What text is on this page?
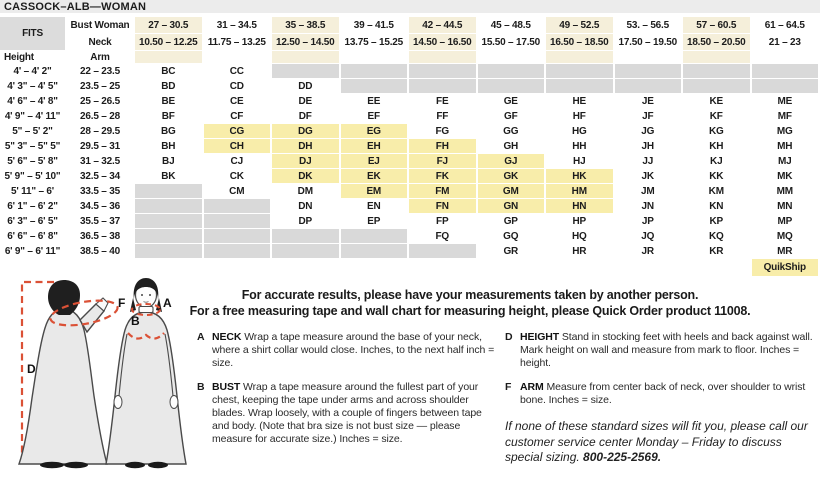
CASSOCK–ALB—WOMAN
FITS	Bust Woman	27 – 30.5	31 – 34.5	35 – 38.5	39 – 41.5	42 – 44.5	45 – 48.5	49 – 52.5	53. – 56.5	57 – 60.5	61 – 64.5
	Neck	10.50 – 12.25	11.75 – 13.25	12.50 – 14.50	13.75 – 15.25	14.50 – 16.50	15.50 – 17.50	16.50 – 18.50	17.50 – 19.50	18.50 – 20.50	21 – 23
Height	Arm										
4' – 4' 2"	22 – 23.5	BC	CC								
4' 3" – 4' 5"	23.5 – 25	BD	CD	DD							
4' 6" – 4' 8"	25 – 26.5	BE	CE	DE	EE	FE	GE	HE	JE	KE	ME
4' 9" – 4' 11"	26.5 – 28	BF	CF	DF	EF	FF	GF	HF	JF	KF	MF
5" – 5' 2"	28 – 29.5	BG	CG	DG	EG	FG	GG	HG	JG	KG	MG
5" 3" – 5" 5"	29.5 – 31	BH	CH	DH	EH	FH	GH	HH	JH	KH	MH
5' 6" – 5' 8"	31 – 32.5	BJ	CJ	DJ	EJ	FJ	GJ	HJ	JJ	KJ	MJ
5' 9" – 5' 10"	32.5 – 34	BK	CK	DK	EK	FK	GK	HK	JK	KK	MK
5' 11" – 6'	33.5 – 35		CM	DM	EM	FM	GM	HM	JM	KM	MM
6' 1" – 6' 2"	34.5 – 36			DN	EN	FN	GN	HN	JN	KN	MN
6' 3" – 6' 5"	35.5 – 37			DP	EP	FP	GP	HP	JP	KP	MP
6' 6" – 6' 8"	36.5 – 38					FQ	GQ	HQ	JQ	KQ	MQ
6' 9" – 6' 11"	38.5 – 40						GR	HR	JR	KR	MR
											QuikShip
For accurate results, please have your measurements taken by another person.
For a free measuring tape and wall chart for measuring height, please Quick Order product 11008.
D
F	A
B
A NECK Wrap a tape measure around the base of your neck, where a shirt collar would close. Inches, to the next half inch = size.

B BUST Wrap a tape measure around the fullest part of your chest, keeping the tape under arms and across shoulder blades. Wrap loosely, with a couple of fingers between tape and body. (Note that bra size is not bust size — please measure for accurate size.) Inches = size.

D HEIGHT Stand in stocking feet with heels and back against wall. Mark height on wall and measure from mark to floor. Inches = height.

F ARM Measure from center back of neck, over shoulder to wrist bone. Inches = size.

If none of these standard sizes will fit you, please call our customer service center Monday – Friday to discuss special sizing. 800-225-2569.
